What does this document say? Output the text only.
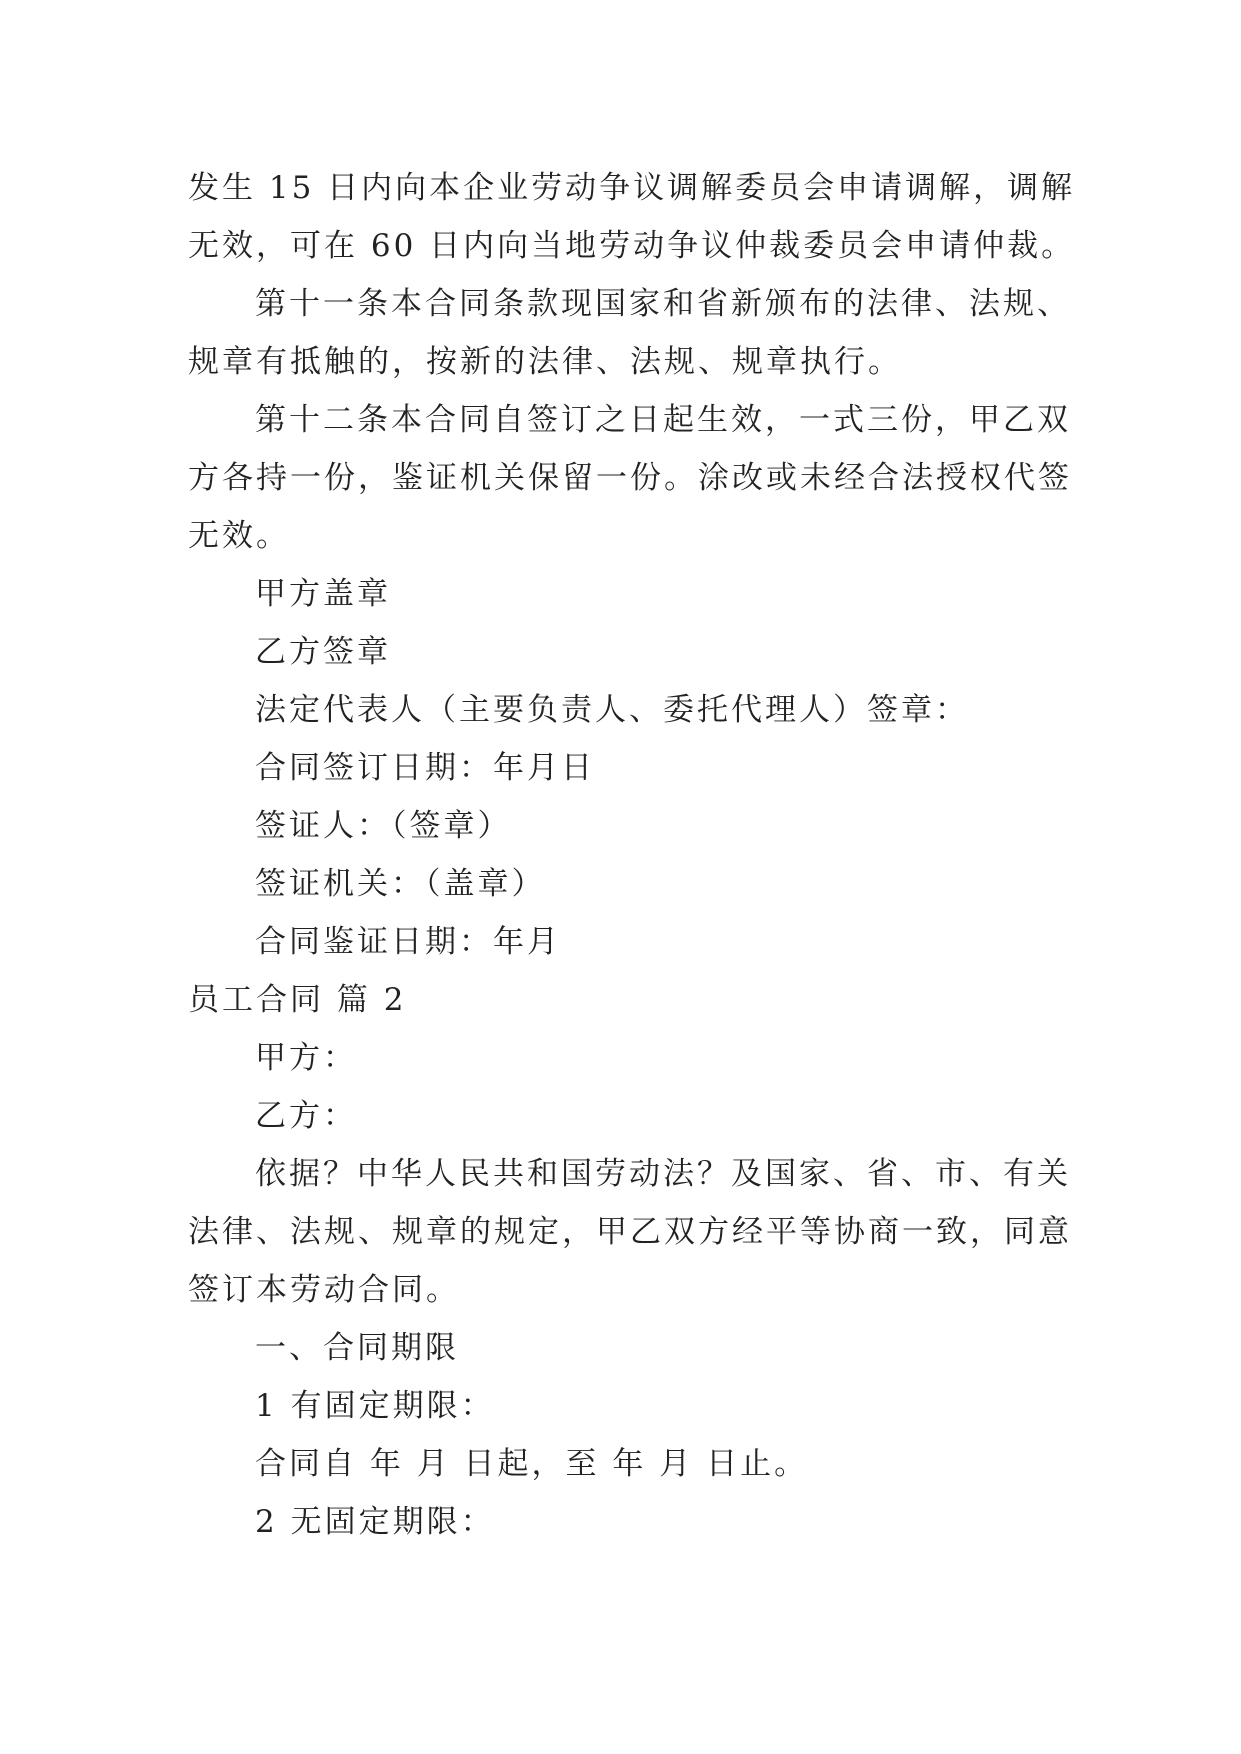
发生 15 日内向本企业劳动争议调解委员会申请调解，调解
无效，可在 60 日内向当地劳动争议仲裁委员会申请仲裁。
第十一条本合同条款现国家和省新颁布的法律、法规、
规章有抵触的，按新的法律、法规、规章执行。
第十二条本合同自签订之日起生效，一式三份，甲乙双
方各持一份，鉴证机关保留一份。涂改或未经合法授权代签
无效。
甲方盖章
乙方签章
法定代表人（主要负责人、委托代理人）签章：
合同签订日期：年月日
签证人：（签章）
签证机关：（盖章）
合同鉴证日期：年月
员工合同 篇 2
甲方：
乙方：
依据？中华人民共和国劳动法？及国家、省、市、有关
法律、法规、规章的规定，甲乙双方经平等协商一致，同意
签订本劳动合同。
一、合同期限
1 有固定期限：
合同自 年 月 日起，至 年 月 日止。
2 无固定期限：
